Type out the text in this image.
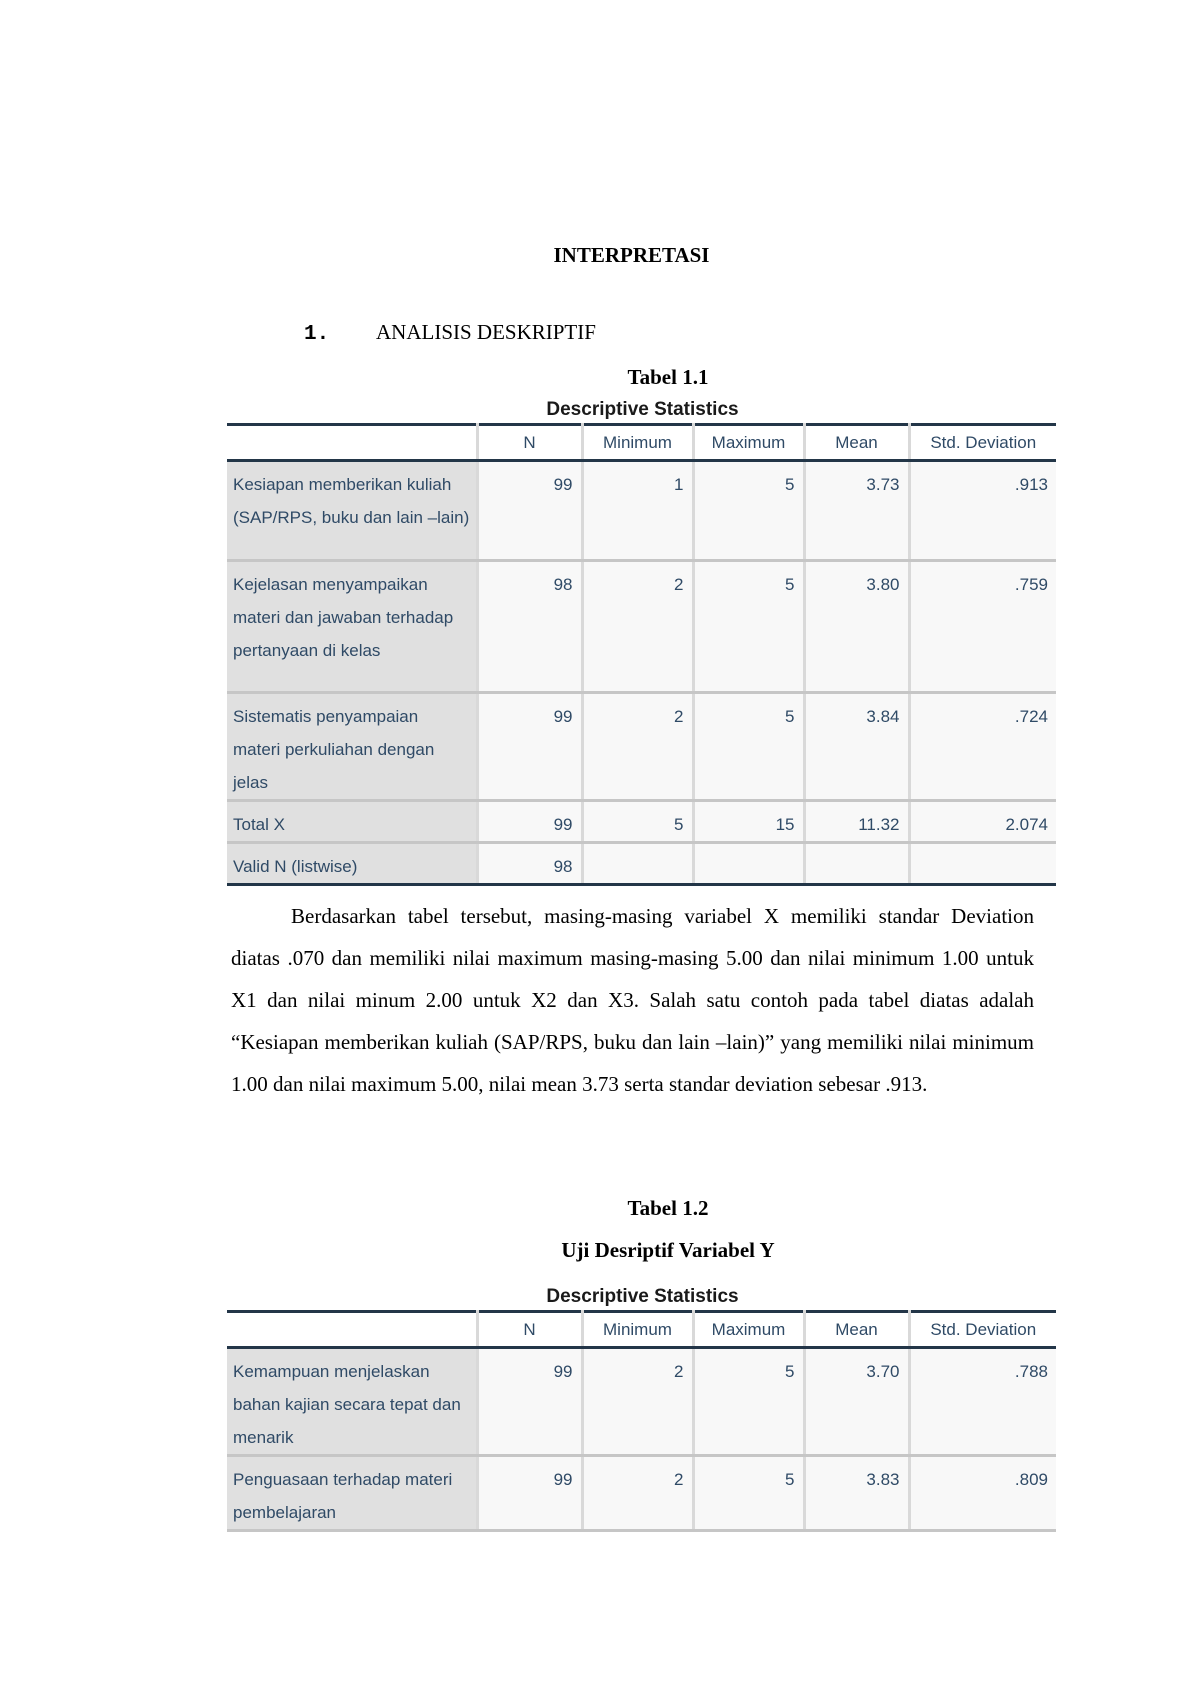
INTERPRETASI
1. ANALISIS DESKRIPTIF
Tabel 1.1
Descriptive Statistics
	N	Minimum	Maximum	Mean	Std. Deviation
Kesiapan memberikan kuliah (SAP/RPS, buku dan lain –lain)	99	1	5	3.73	.913
Kejelasan menyampaikan materi dan jawaban terhadap pertanyaan di kelas	98	2	5	3.80	.759
Sistematis penyampaian materi perkuliahan dengan jelas	99	2	5	3.84	.724
Total X	99	5	15	11.32	2.074
Valid N (listwise)	98				

Berdasarkan tabel tersebut, masing-masing variabel X memiliki standar Deviation diatas .070 dan memiliki nilai maximum masing-masing 5.00 dan nilai minimum 1.00 untuk X1 dan nilai minum 2.00 untuk X2 dan X3. Salah satu contoh pada tabel diatas adalah “Kesiapan memberikan kuliah (SAP/RPS, buku dan lain –lain)” yang memiliki nilai minimum 1.00 dan nilai maximum 5.00, nilai mean 3.73 serta standar deviation sebesar .913.

Tabel 1.2
Uji Desriptif Variabel Y
Descriptive Statistics
	N	Minimum	Maximum	Mean	Std. Deviation
Kemampuan menjelaskan bahan kajian secara tepat dan menarik	99	2	5	3.70	.788
Penguasaan terhadap materi pembelajaran	99	2	5	3.83	.809
